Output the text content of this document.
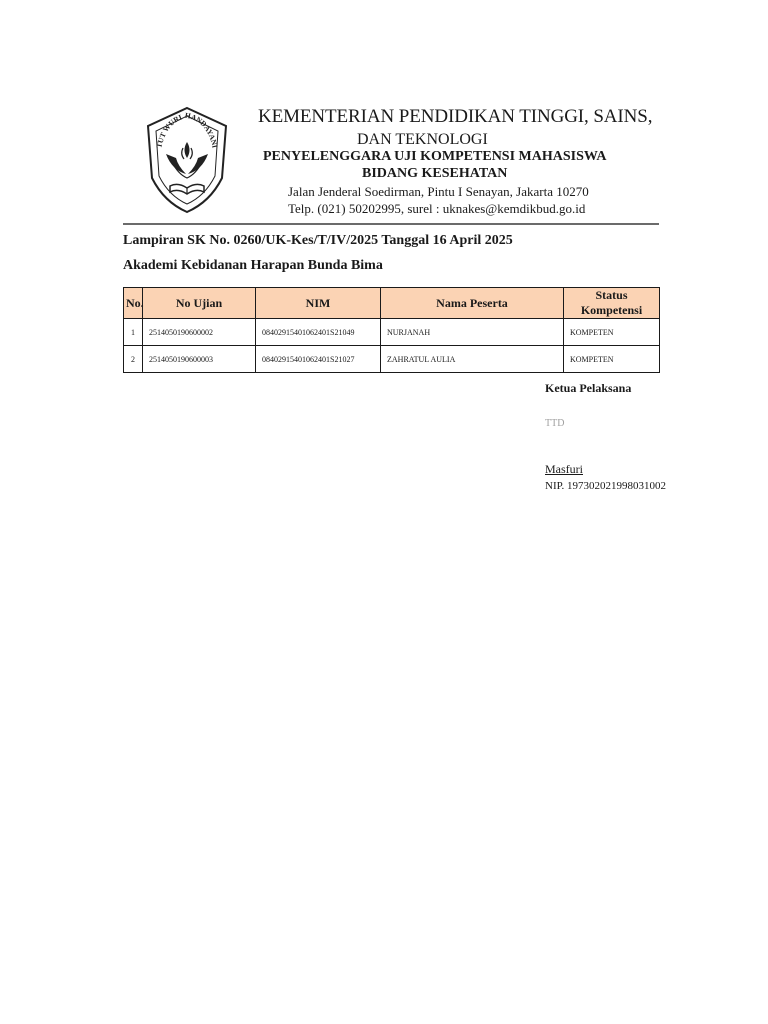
TUT WURI HANDAYANI
KEMENTERIAN PENDIDIKAN TINGGI, SAINS,
DAN TEKNOLOGI
PENYELENGGARA UJI KOMPETENSI MAHASISWA
BIDANG KESEHATAN
Jalan Jenderal Soedirman, Pintu I Senayan, Jakarta 10270
Telp. (021) 50202995, surel : uknakes@kemdikbud.go.id
Lampiran SK No. 0260/UK-Kes/T/IV/2025 Tanggal 16 April 2025
Akademi Kebidanan Harapan Bunda Bima
No.	No Ujian	NIM	Nama Peserta	Status Kompetensi
1	2514050190600002	08402915401062401S21049	NURJANAH	KOMPETEN
2	2514050190600003	08402915401062401S21027	ZAHRATUL AULIA	KOMPETEN
Ketua Pelaksana
TTD
Masfuri
NIP. 197302021998031002
